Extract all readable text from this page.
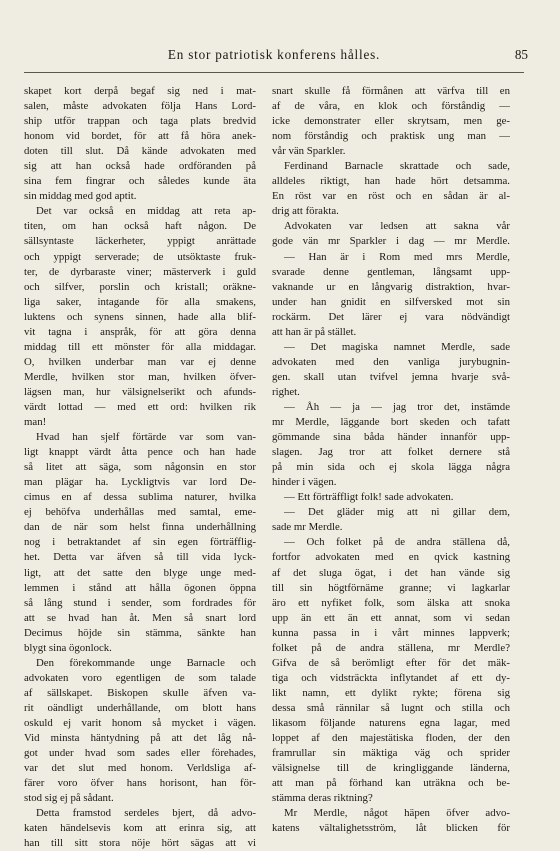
En stor patriotisk konferens hålles.	85
skapet kort derpå begaf sig ned i mat-
salen, måste advokaten följa Hans Lord-
ship utför trappan och taga plats bredvid
honom vid bordet, för att få höra anek-
doten till slut. Då kände advokaten med
sig att han också hade ordföranden på
sina fem fingrar och således kunde äta
sin middag med god aptit.
Det var också en middag att reta ap-
titen, om han också haft någon. De
sällsyntaste läckerheter, yppigt anrättade
och yppigt serverade; de utsöktaste fruk-
ter, de dyrbaraste viner; mästerverk i guld
och silfver, porslin och kristall; oräkne-
liga saker, intagande för alla smakens,
luktens och synens sinnen, hade alla blif-
vit tagna i anspråk, för att göra denna
middag till ett mönster för alla middagar.
O, hvilken underbar man var ej denne
Merdle, hvilken stor man, hvilken öfver-
lägsen man, hur välsignelserikt och afunds-
värdt lottad — med ett ord: hvilken rik
man!
Hvad han sjelf förtärde var som van-
ligt knappt värdt åtta pence och han hade
så litet att säga, som någonsin en stor
man plägar ha. Lyckligtvis var lord De-
cimus en af dessa sublima naturer, hvilka
ej behöfva underhållas med samtal, eme-
dan de när som helst finna underhållning
nog i betraktandet af sin egen förträfflig-
het. Detta var äfven så till vida lyck-
ligt, att det satte den blyge unge med-
lemmen i stånd att hålla ögonen öppna
så lång stund i sender, som fordrades för
att se hvad han åt. Men så snart lord
Decimus höjde sin stämma, sänkte han
blygt sina ögonlock.
Den förekommande unge Barnacle och
advokaten voro egentligen de som talade
af sällskapet. Biskopen skulle äfven va-
rit oändligt underhållande, om blott hans
oskuld ej varit honom så mycket i vägen.
Vid minsta häntydning på att det låg nå-
got under hvad som sades eller förehades,
var det slut med honom. Verldsliga af-
färer voro öfver hans horisont, han för-
stod sig ej på sådant.
Detta framstod serdeles bjert, då advo-
katen händelsevis kom att erinra sig, att
han till sitt stora nöje hört sägas att vi
snart skulle få förmånen att värfva till en
af de våra, en klok och förståndig —
icke demonstrater eller skrytsam, men ge-
nom förståndig och praktisk ung man —
vår vän Sparkler.
Ferdinand Barnacle skrattade och sade,
alldeles riktigt, han hade hört detsamma.
En röst var en röst och en sådan är al-
drig att förakta.
Advokaten var ledsen att sakna vår
gode vän mr Sparkler i dag — mr Merdle.
— Han är i Rom med mrs Merdle,
svarade denne gentleman, långsamt upp-
vaknande ur en långvarig distraktion, hvar-
under han gnidit en silfversked mot sin
rockärm. Det lärer ej vara nödvändigt
att han är på stället.
— Det magiska namnet Merdle, sade
advokaten med den vanliga jurybugnin-
gen. skall utan tvifvel jemna hvarje svå-
righet.
— Åh — ja — jag tror det, instämde
mr Merdle, läggande bort skeden och tafatt
gömmande sina båda händer innanför upp-
slagen. Jag tror att folket dernere stå
på min sida och ej skola lägga några
hinder i vägen.
— Ett förträffligt folk! sade advokaten.
— Det gläder mig att ni gillar dem,
sade mr Merdle.
— Och folket på de andra ställena då,
fortfor advokaten med en qvick kastning
af det sluga ögat, i det han vände sig
till sin högtförnäme granne; vi lagkarlar
äro ett nyfiket folk, som älska att snoka
upp än ett än ett annat, som vi sedan
kunna passa in i vårt minnes lappverk;
folket på de andra ställena, mr Merdle?
Gifva de så berömligt efter för det mäk-
tiga och vidsträckta inflytandet af ett dy-
likt namn, ett dylikt rykte; förena sig
dessa små rännilar så lugnt och stilla och
likasom följande naturens egna lagar, med
loppet af den majestätiska floden, der den
framrullar sin mäktiga väg och sprider
välsignelse till de kringliggande länderna,
att man på förhand kan uträkna och be-
stämma deras riktning?
Mr Merdle, något häpen öfver advo-
katens vältalighetsström, låt blicken för
